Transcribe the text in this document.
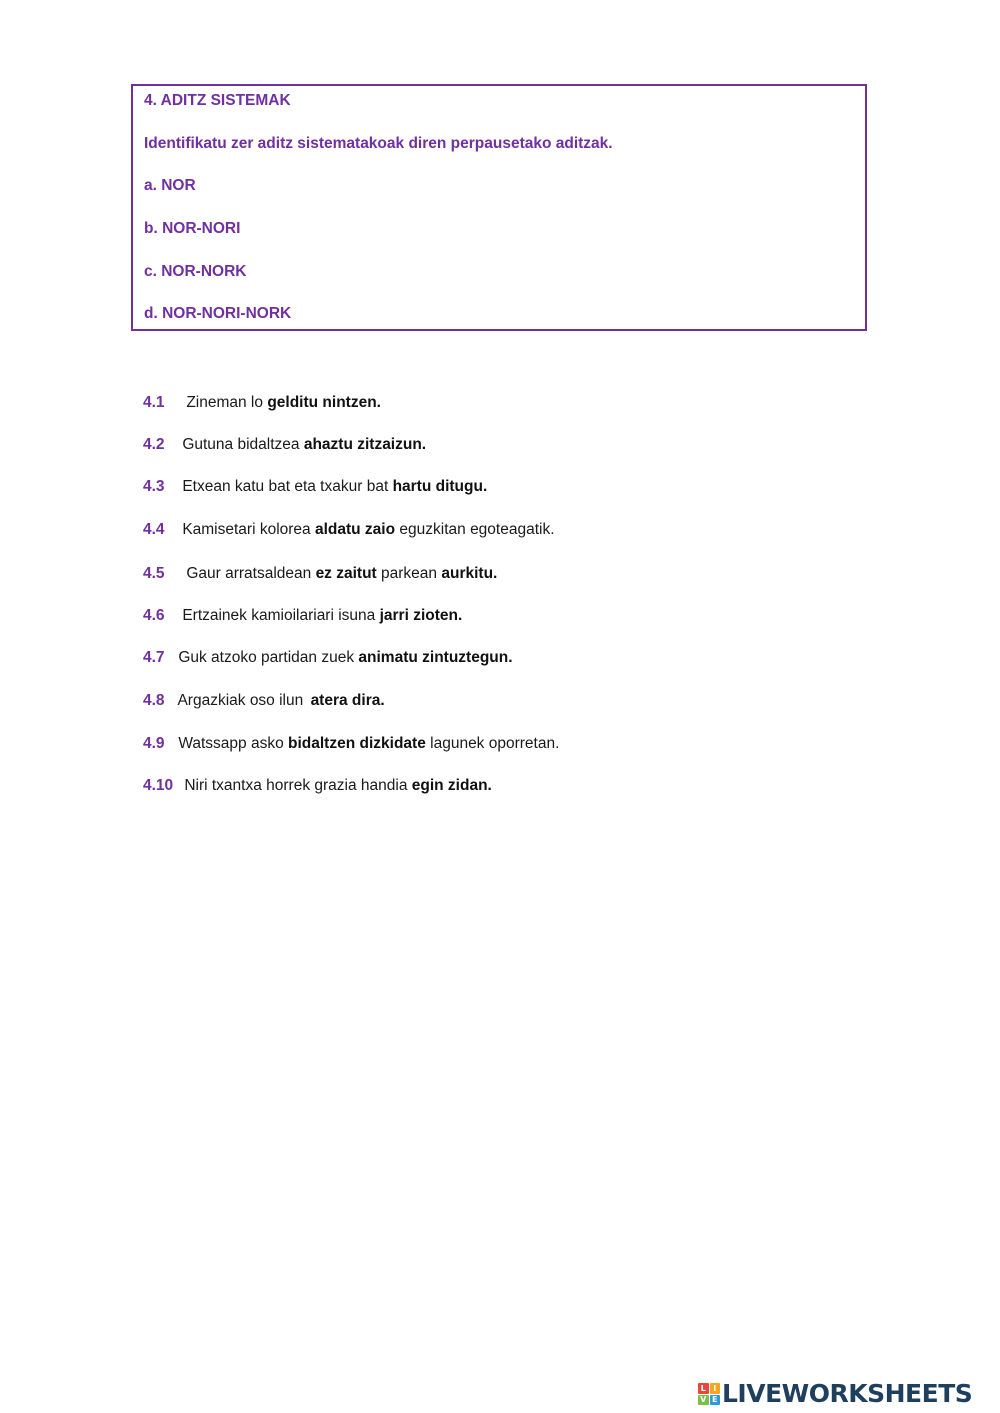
4. ADITZ SISTEMAK
Identifikatu zer aditz sistematakoak diren perpausetako aditzak.
a. NOR
b. NOR-NORI
c. NOR-NORK
d. NOR-NORI-NORK
4.1 Zineman lo gelditu nintzen.
4.2 Gutuna bidaltzea ahaztu zitzaizun.
4.3 Etxean katu bat eta txakur bat hartu ditugu.
4.4 Kamisetari kolorea aldatu zaio eguzkitan egoteagatik.
4.5 Gaur arratsaldean ez zaitut parkean aurkitu.
4.6 Ertzainek kamioilariari isuna jarri zioten.
4.7 Guk atzoko partidan zuek animatu zintuztegun.
4.8 Argazkiak oso ilun atera dira.
4.9 Watssapp asko bidaltzen dizkidate lagunek oporretan.
4.10 Niri txantxa horrek grazia handia egin zidan.
L I
V E LIVEWORKSHEETS
